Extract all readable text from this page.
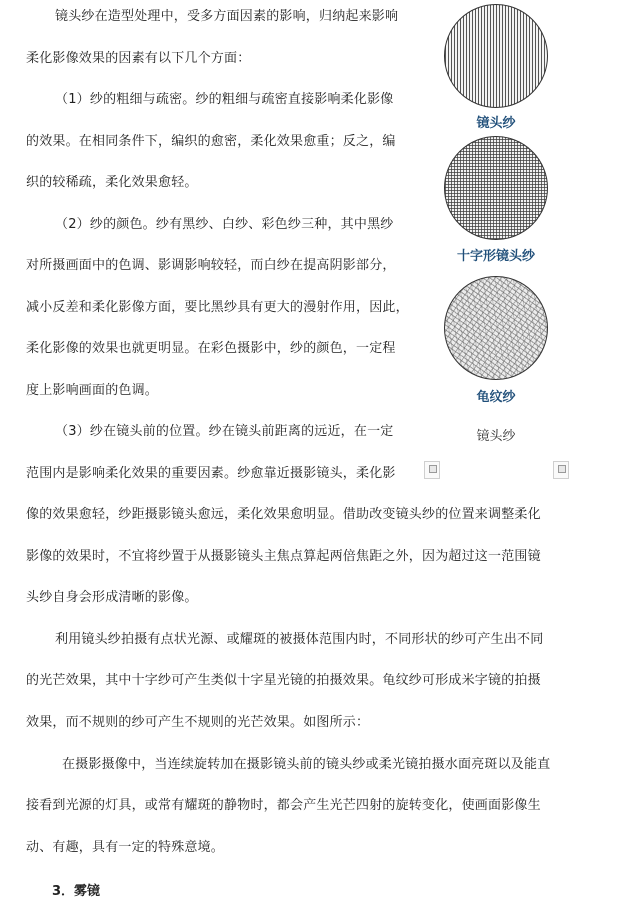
镜头纱在造型处理中，受多方面因素的影响，归纳起来影响
柔化影像效果的因素有以下几个方面：
（1）纱的粗细与疏密。纱的粗细与疏密直接影响柔化影像
的效果。在相同条件下，编织的愈密，柔化效果愈重；反之，编
织的较稀疏，柔化效果愈轻。
（2）纱的颜色。纱有黑纱、白纱、彩色纱三种，其中黑纱
对所摄画面中的色调、影调影响较轻，而白纱在提高阴影部分，
减小反差和柔化影像方面，要比黑纱具有更大的漫射作用，因此，
柔化影像的效果也就更明显。在彩色摄影中，纱的颜色，一定程
度上影响画面的色调。
（3）纱在镜头前的位置。纱在镜头前距离的远近，在一定
范围内是影响柔化效果的重要因素。纱愈靠近摄影镜头，柔化影
像的效果愈轻，纱距摄影镜头愈远，柔化效果愈明显。借助改变镜头纱的位置来调整柔化
影像的效果时，不宜将纱置于从摄影镜头主焦点算起两倍焦距之外，因为超过这一范围镜
头纱自身会形成清晰的影像。
利用镜头纱拍摄有点状光源、或耀斑的被摄体范围内时，不同形状的纱可产生出不同
的光芒效果，其中十字纱可产生类似十字星光镜的拍摄效果。龟纹纱可形成米字镜的拍摄
效果，而不规则的纱可产生不规则的光芒效果。如图所示：
在摄影摄像中，当连续旋转加在摄影镜头前的镜头纱或柔光镜拍摄水面亮斑以及能直
接看到光源的灯具，或常有耀斑的静物时，都会产生光芒四射的旋转变化，使画面影像生
动、有趣，具有一定的特殊意境。
3．雾镜
镜头纱
十字形镜头纱
龟纹纱
镜头纱
